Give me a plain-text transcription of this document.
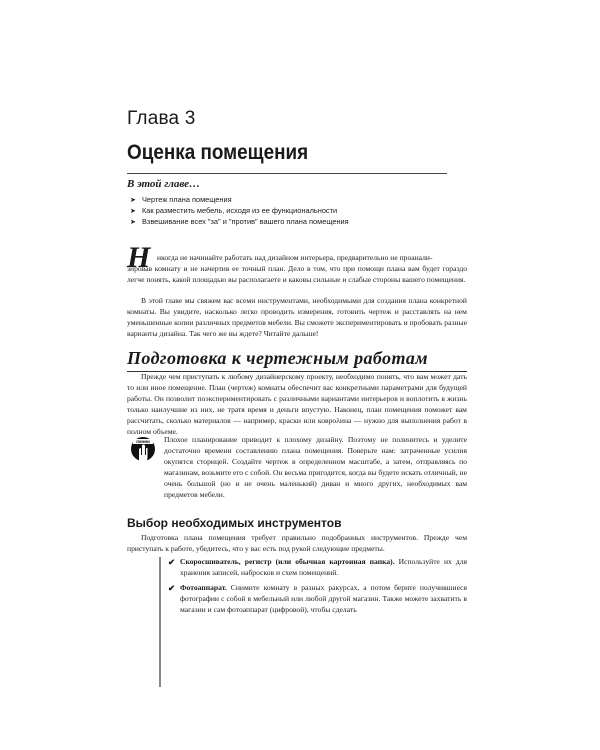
Глава 3
Оценка помещения
В этой главе…
➤ Чертеж плана помещения
➤ Как разместить мебель, исходя из ее функциональности
➤ Взвешивание всех "за" и "против" вашего плана помещения
Н икогда не начинайте работать над дизайном интерьера, предварительно не проанали-
зировав комнату и не начертив ее точный план. Дело в том, что при помощи плана вам будет гораздо легче понять, какой площадью вы располагаете и каковы сильные и слабые стороны вашего помещения.
В этой главе мы свяжем вас всеми инструментами, необходимыми для создания плана конкретной комнаты. Вы увидите, насколько легко проводить измерения, готовить чертеж и расставлять на нем уменьшенные копии различных предметов мебели. Вы сможете экспериментировать и пробовать разные варианты дизайна. Так чего же вы ждете? Читайте дальше!
Подготовка к чертежным работам
Прежде чем приступать к любому дизайнерскому проекту, необходимо понять, что вам может дать то или иное помещение. План (чертеж) комнаты обеспечит вас конкретными параметрами для будущей работы. Он позволит поэкспериментировать с различными вариантами интерьеров и воплотить в жизнь только наилучшие из них, не тратя время и деньги впустую. Наконец, план помещения поможет вам рассчитать, сколько материалов — например, краски или коврολина — нужно для выполнения работ в полном объеме.
помни Плохое планирование приводит к плохому дизайну. Поэтому не поленитесь и уделите достаточно времени составлению плана помещения. Поверьте нам: затраченные усилия окупятся сторицей. Создайте чертеж в определенном масштабе, а затем, отправляясь по магазинам, возьмите его с собой. Он весьма пригодится, когда вы будете искать отличный, не очень большой (но и не очень маленький) диван и много других, необходимых вам предметов мебели.
Выбор необходимых инструментов
Подготовка плана помещения требует правильно подобранных инструментов. Прежде чем приступать к работе, убедитесь, что у вас есть под рукой следующие предметы.
✔ Скоросшиватель, регистр (или обычная картонная папка). Используйте их для хранения записей, набросков и схем помещений.
✔ Фотоаппарат. Снимите комнату в разных ракурсах, а потом берите получившиеся фотографии с собой в мебельный или любой другой магазин. Также можете захватить в магазин и сам фотоаппарат (цифровой), чтобы сделать
